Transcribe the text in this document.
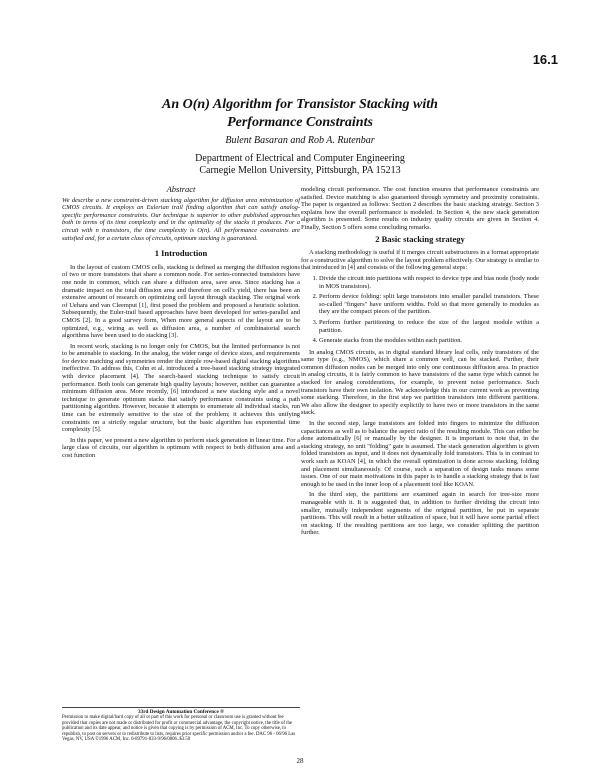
16.1
An O(n) Algorithm for Transistor Stacking with
Performance Constraints
Bulent Basaran and Rob A. Rutenbar
Department of Electrical and Computer Engineering
Carnegie Mellon University, Pittsburgh, PA 15213
Abstract
We describe a new constraint-driven stacking algorithm for diffusion area minimization of CMOS circuits. It employs an Eulerian trail finding algorithm that can satisfy analog-specific performance constraints. Our technique is superior to other published approaches both in terms of its time complexity and in the optimality of the stacks it produces. For a circuit with n transistors, the time complexity is O(n). All performance constraints are satisfied and, for a certain class of circuits, optimum stacking is guaranteed.
1 Introduction

In the layout of custom CMOS cells, stacking is defined as merging the diffusion regions of two or more transistors that share a common node. For series-connected transistors have one node in common, which can share a diffusion area, save area. Since stacking has a dramatic impact on the total diffusion area and therefore on cell's yield, there has been an extensive amount of research on optimizing cell layout through stacking. The original work of Uehara and van Cleemput [1], first posed the problem and proposed a heuristic solution. Subsequently, the Euler-trail based approaches have been developed for series-parallel and CMOS [2]. In a good survey form, When more general aspects of the layout are to be optimized, e.g., wiring as well as diffusion area, a number of combinatorial search algorithms have been used to do stacking [3].

In recent work, stacking is no longer only for CMOS, but the limited performance is not to be amenable to stacking. In the analog, the wider range of device sizes, and requirements for device matching and symmetries render the simple row-based digital stacking algorithms ineffective. To address this, Cohn et al. introduced a tree-based stacking strategy integrated with device placement [4]. The search-based stacking technique to satisfy circuit performance. Both tools can generate high quality layouts; however, neither can guarantee a minimum diffusion area. More recently, [6] introduced a new stacking style and a novel technique to generate optimum stacks that satisfy performance constraints using a path partitioning algorithm. However, because it attempts to enumerate all individual stacks, run time can be extremely sensitive to the size of the problem; it achieves this unifying constraints on a strictly regular structure, but the basic algorithm has exponential time complexity [5].

In this paper, we present a new algorithm to perform stack generation in linear time. For a large class of circuits, our algorithm is optimum with respect to both diffusion area and a cost function

modeling circuit performance. The cost function ensures that performance constraints are satisfied. Device matching is also guaranteed through symmetry and proximity constraints. The paper is organized as follows: Section 2 describes the basic stacking strategy. Section 3 explains how the overall performance is modeled. In Section 4, the new stack generation algorithm is presented. Some results on industry quality circuits are given in Section 4. Finally, Section 5 offers some concluding remarks.

2 Basic stacking strategy

A stacking methodology is useful if it merges circuit substructures in a format appropriate for a constructive algorithm to solve the layout problem effectively. Our strategy is similar to that introduced in [4] and consists of the following general steps:

1. Divide the circuit into partitions with respect to device type and bias node (body node in MOS transistors).
2. Perform device folding: split large transistors into smaller parallel transistors. These so-called "fingers" have uniform widths. Fold so that more generally to modules as they are the compact pieces of the partition.
3. Perform further partitioning to reduce the size of the largest module within a partition.
4. Generate stacks from the modules within each partition.

In analog CMOS circuits, as in digital standard library leaf cells, only transistors of the same type (e.g., NMOS), which share a common well, can be stacked. Further, their common diffusion nodes can be merged into only one continuous diffusion area. In practice in analog circuits, it is fairly common to have transistors of the same type which cannot be stacked for analog considerations, for example, to prevent noise performance. Such transistors have their own isolation. We acknowledge this in our current work as preventing some stacking. Therefore, in the first step we partition transistors into different partitions. We also allow the designer to specify explicitly to have two or more transistors in the same stack.

In the second step, large transistors are folded into fingers to minimize the diffusion capacitances as well as to balance the aspect ratio of the resulting module. This can either be done automatically [6] or manually by the designer. It is important to note that, in the stacking strategy, no unit "folding" gate is assumed. The stack generation algorithm is given folded transistors as input, and it does not dynamically fold transistors. This is in contrast to work such as KOAN [4], in which the overall optimization is done across stacking, folding and placement simultaneously. Of course, such a separation of design tasks means some issues. One of our main motivations in this paper is to handle a stacking strategy that is fast enough to be used in the inner loop of a placement tool like KOAN.

In the third step, the partitions are examined again in search for tree-size more manageable with it. It is suggested that, in addition to further dividing the circuit into smaller, mutually independent segments of the original partition, be put in separate partitions. This will result in a better utilization of space, but it will have some partial effect on stacking. If the resulting partitions are too large, we consider splitting the partition further.

33rd Design Automation Conference ®
Permission to make digital/hard copy of all or part of this work for personal or classroom use is granted without fee provided that copies are not made or distributed for profit or commercial advantage, the copyright notice, the title of the publication and its date appear, and notice is given that copying is by permission of ACM, Inc. To copy otherwise, to republish, to post on servers or to redistribute to lists, requires prior specific permission and/or a fee. DAC 96 - 06/96 Las Vegas, NV, USA ©1996 ACM, Inc. 0-89791-833-9/96/0006..$3.50
28
